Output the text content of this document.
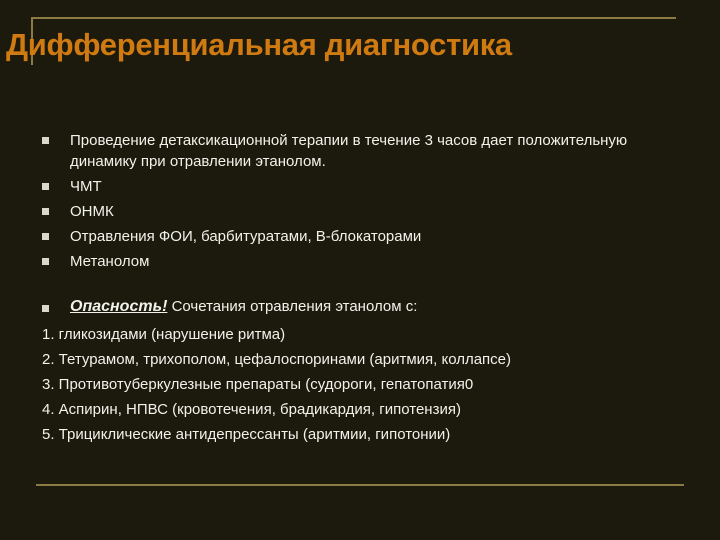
Дифференциальная диагностика
Проведение детаксикационной терапии в течение 3 часов дает положительную динамику при отравлении этанолом.
ЧМТ
ОНМК
Отравления ФОИ, барбитуратами, В-блокаторами
Метанолом
Опасность! Сочетания отравления этанолом с:
1. гликозидами (нарушение ритма)
2. Тетурамом, трихополом, цефалоспоринами (аритмия, коллапсе)
3. Противотуберкулезные препараты (судороги, гепатопатия0
4. Аспирин, НПВС (кровотечения, брадикардия, гипотензия)
5. Трициклические антидепрессанты (аритмии, гипотонии)
